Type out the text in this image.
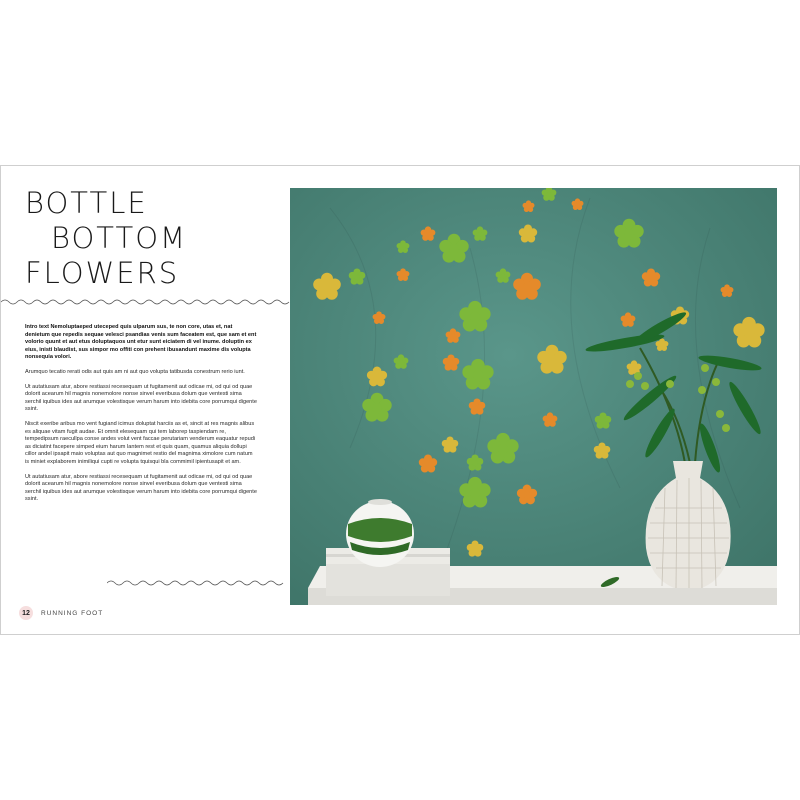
BOTTLE
BOTTOM
FLOWERS

Intro text Nemoluptaeped uteceped quis ulparum sus, te non core, utas et, nat denietum que repedis sequae velesci psandias venis sum faceatem est, que sam et ent volorio quunt et aut etus doluptaquos unt etur sunt eiciatem di vel inume. doluptin ex eius, inisti blaudist, sus simpor mo offiti con prehent ibusandunt maxime dis volupta nonsequia volori.

Arumquo tecatio rerati odis aut quis am ni aut quo volupta tatibusda conestrum rerio iunt.

Ut autatiusam atur, abore restiassi recesequam ut fugitamenit aut odicae mi, od qui od quae dolorit acearum hil magnis nonemolore nonse sinvel everibusa dolum que ventesti sima serchil iquibus ides aut arumque volestisque verum harum into idebita core porrumqui digente ssint.

Niscit exeribe aribus mo vent fugiand icimus doluptat harciis as et, sincit at res magnis alibus es aliquae vitam fugit audae. Et omnit elesequam qui tem laborep taspiendam re, tempedipsum raecullpa conse andes volut vent faccae perutariam venderum eaquatur repudi as diciatint facepere simped eium harum lantem rest et quis quam, quamus aliquia dollupi cillor andel ipsapit maio voluptas aut quo magnimet restio del magnima ximolore cum natum is miniet explaborem inimiliqui cupti re volupta tquisqui bla commimil ipientusapit et am.

Ut autatiusam atur, abore restiassi recesequam ut fugitamenit aut odicae mi, od qui od quae dolorit acearum hil magnis nonemolore nonse sinvel everibusa dolum que ventesti sima serchil iquibus ides aut arumque volestisque verum harum into idebita core porrumqui digente ssint.

12	RUNNING FOOT
